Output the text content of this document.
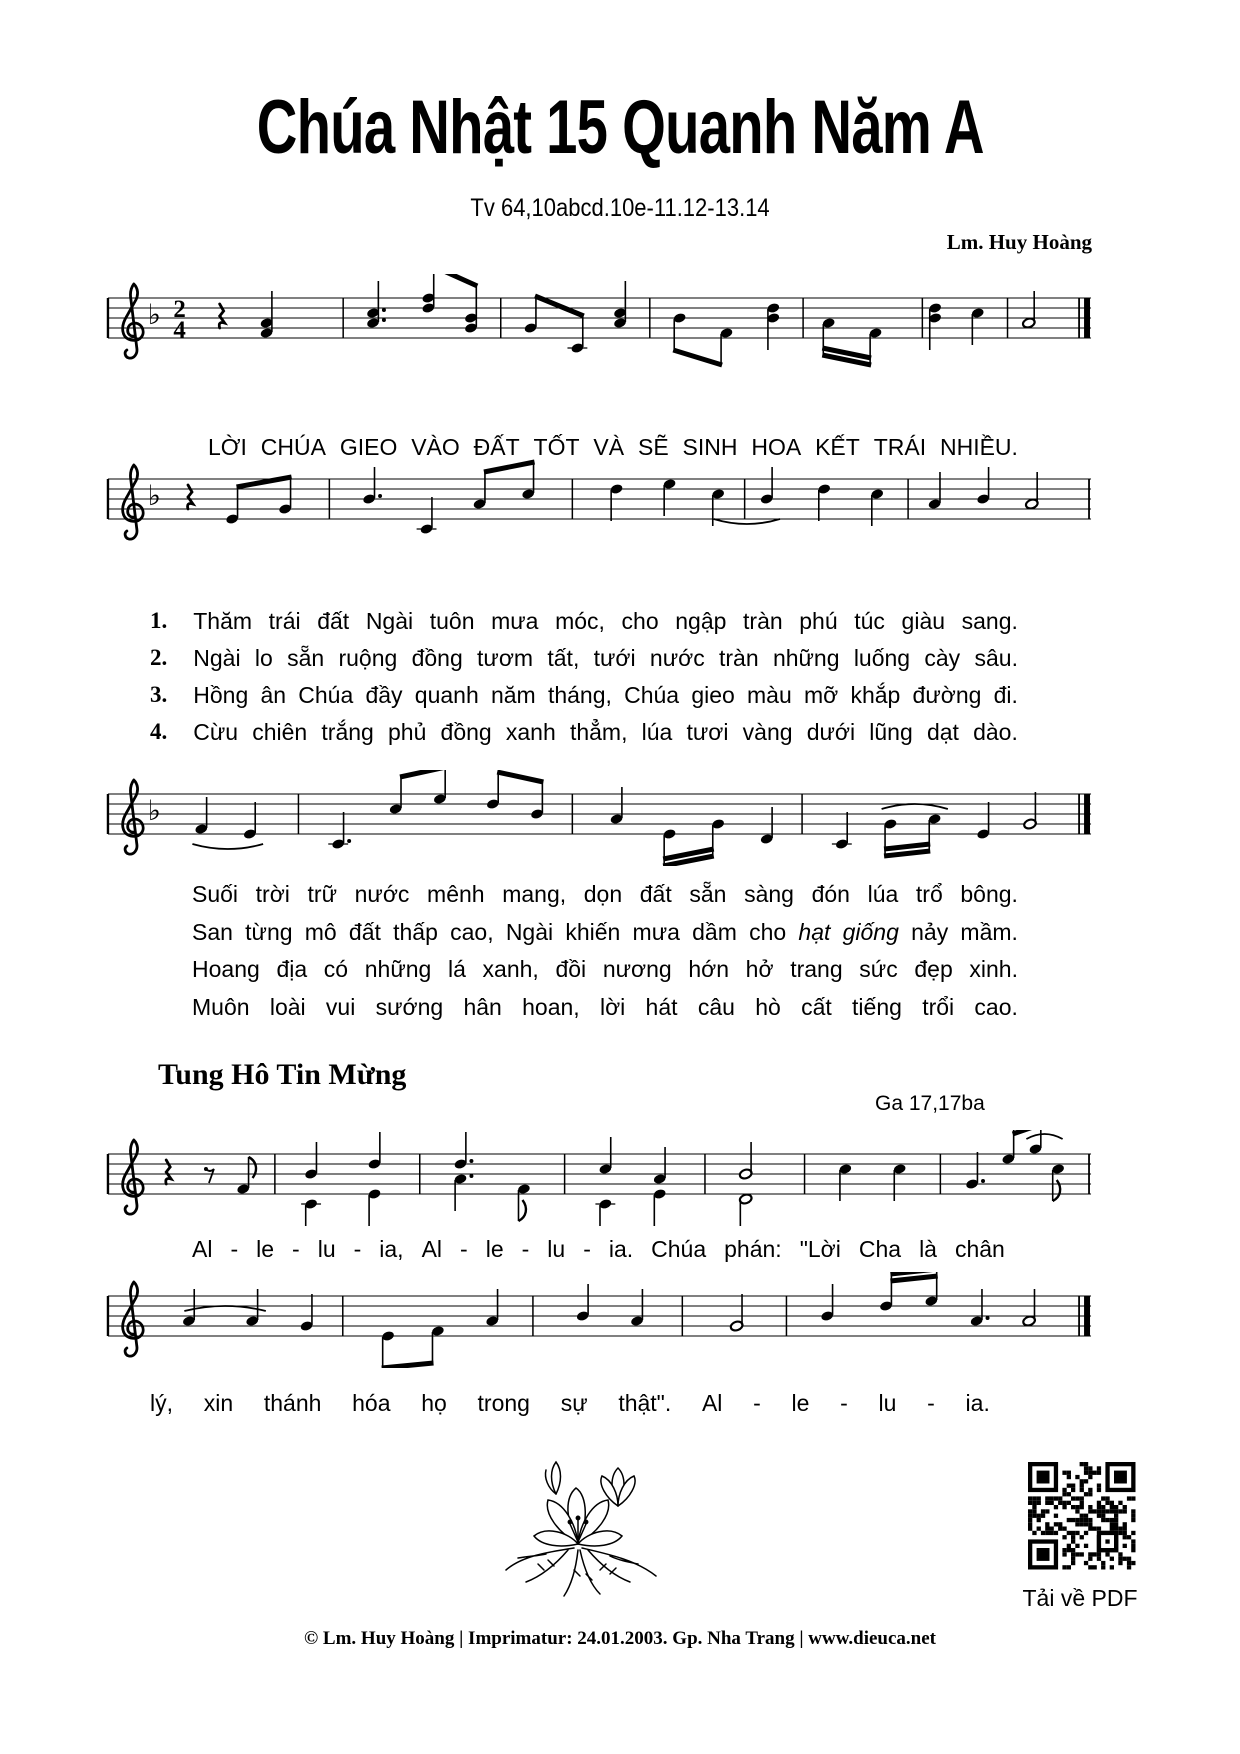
Chúa Nhật 15 Quanh Năm A
Tv 64,10abcd.10e-11.12-13.14
Lm. Huy Hoàng
♭ 2
4
LỜI CHÚA GIEO VÀO ĐẤT TỐT VÀ SẼ SINH HOA KẾT TRÁI NHIỀU.
♭
1. Thăm trái đất Ngài tuôn mưa móc, cho ngập tràn phú túc giàu sang.
2. Ngài lo sẵn ruộng đồng tươm tất, tưới nước tràn những luống cày sâu.
3. Hồng ân Chúa đầy quanh năm tháng, Chúa gieo màu mỡ khắp đường đi.
4. Cừu chiên trắng phủ đồng xanh thẳm, lúa tươi vàng dưới lũng dạt dào.
♭
Suối trời trữ nước mênh mang, dọn đất sẵn sàng đón lúa trổ bông.
San từng mô đất thấp cao, Ngài khiến mưa dầm cho hạt giống nảy mầm.
Hoang địa có những lá xanh, đồi nương hớn hở trang sức đẹp xinh.
Muôn loài vui sướng hân hoan, lời hát câu hò cất tiếng trổi cao.
Tung Hô Tin Mừng
Ga 17,17ba
Al - le - lu - ia, Al - le - lu - ia. Chúa phán: "Lời Cha là chân
lý, xin thánh hóa họ trong sự thật". Al - le - lu - ia.
Tải về PDF
© Lm. Huy Hoàng | Imprimatur: 24.01.2003. Gp. Nha Trang | www.dieuca.net
